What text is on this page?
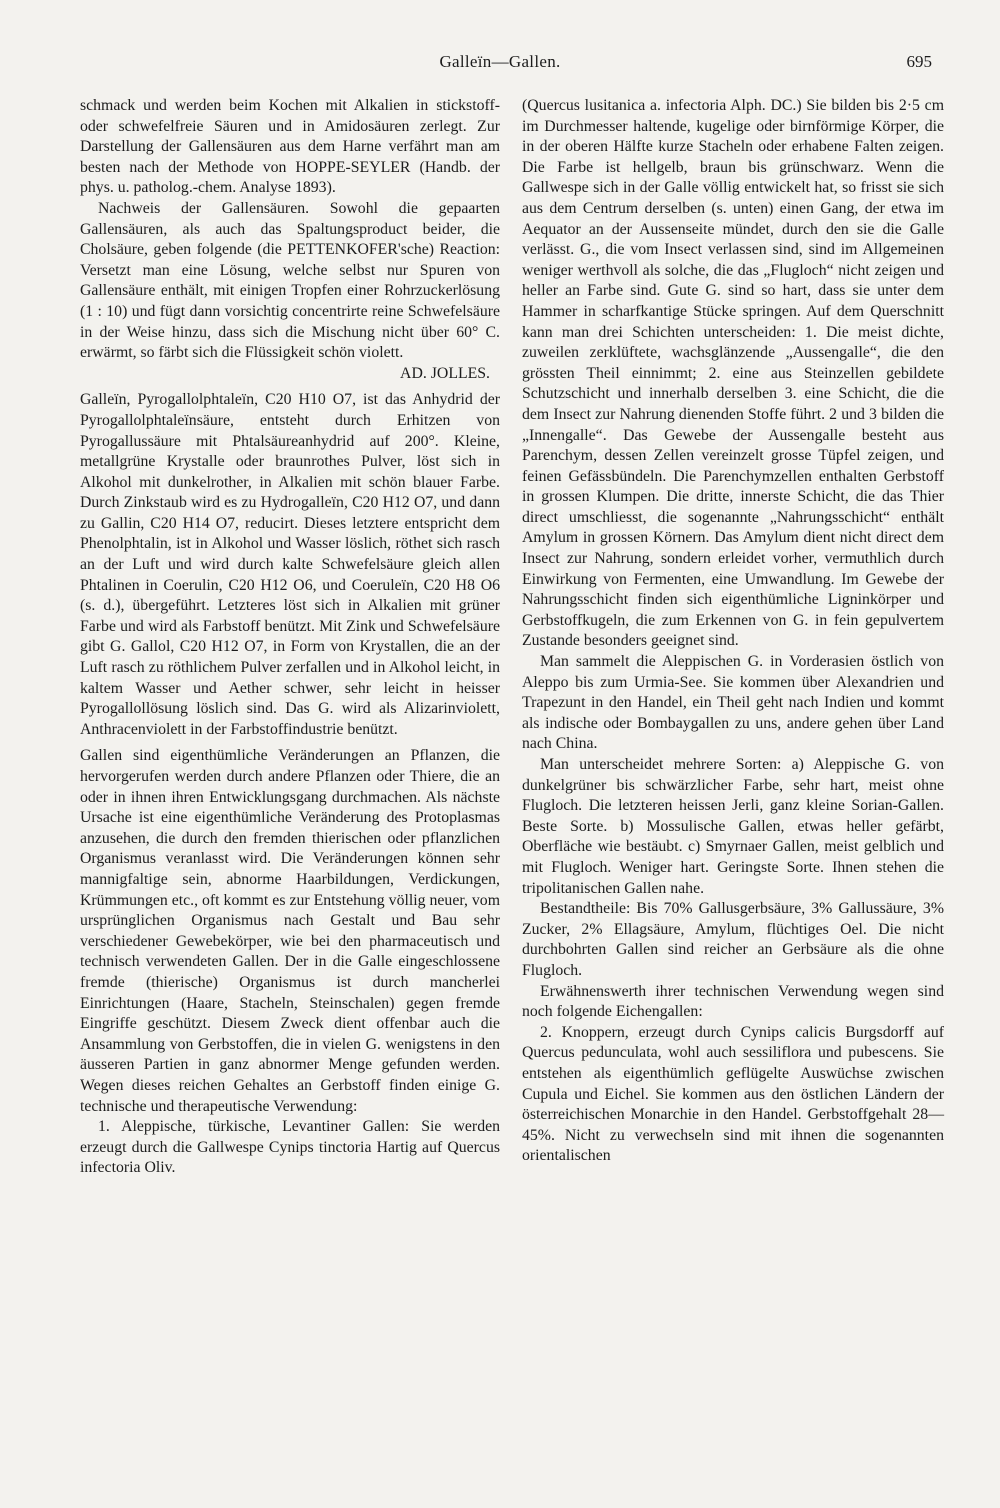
Galleïn—Gallen.	695

schmack und werden beim Kochen mit Alkalien in stickstoff- oder schwefelfreie Säuren und in Amidosäuren zerlegt. Zur Darstellung der Gallensäuren aus dem Harne verfährt man am besten nach der Methode von HOPPE-SEYLER (Handb. der phys. u. patholog.-chem. Analyse 1893).

Nachweis der Gallensäuren. Sowohl die gepaarten Gallensäuren, als auch das Spaltungsproduct beider, die Cholsäure, geben folgende (die PETTENKOFER'sche) Reaction: Versetzt man eine Lösung, welche selbst nur Spuren von Gallensäure enthält, mit einigen Tropfen einer Rohrzuckerlösung (1 : 10) und fügt dann vorsichtig concentrirte reine Schwefelsäure in der Weise hinzu, dass sich die Mischung nicht über 60° C. erwärmt, so färbt sich die Flüssigkeit schön violett.

AD. JOLLES.

Galleïn, Pyrogallolphtaleïn, C20 H10 O7, ist das Anhydrid der Pyrogallolphtaleïnsäure, entsteht durch Erhitzen von Pyrogallussäure mit Phtalsäureanhydrid auf 200°. Kleine, metallgrüne Krystalle oder braunrothes Pulver, löst sich in Alkohol mit dunkelrother, in Alkalien mit schön blauer Farbe. Durch Zinkstaub wird es zu Hydrogalleïn, C20 H12 O7, und dann zu Gallin, C20 H14 O7, reducirt. Dieses letztere entspricht dem Phenolphtalin, ist in Alkohol und Wasser löslich, röthet sich rasch an der Luft und wird durch kalte Schwefelsäure gleich allen Phtalinen in Coerulin, C20 H12 O6, und Coeruleïn, C20 H8 O6 (s. d.), übergeführt. Letzteres löst sich in Alkalien mit grüner Farbe und wird als Farbstoff benützt. Mit Zink und Schwefelsäure gibt G. Gallol, C20 H12 O7, in Form von Krystallen, die an der Luft rasch zu röthlichem Pulver zerfallen und in Alkohol leicht, in kaltem Wasser und Aether schwer, sehr leicht in heisser Pyrogallollösung löslich sind. Das G. wird als Alizarinviolett, Anthracenviolett in der Farbstoffindustrie benützt.

Gallen sind eigenthümliche Veränderungen an Pflanzen, die hervorgerufen werden durch andere Pflanzen oder Thiere, die an oder in ihnen ihren Entwicklungsgang durchmachen. Als nächste Ursache ist eine eigenthümliche Veränderung des Protoplasmas anzusehen, die durch den fremden thierischen oder pflanzlichen Organismus veranlasst wird. Die Veränderungen können sehr mannigfaltige sein, abnorme Haarbildungen, Verdickungen, Krümmungen etc., oft kommt es zur Entstehung völlig neuer, vom ursprünglichen Organismus nach Gestalt und Bau sehr verschiedener Gewebekörper, wie bei den pharmaceutisch und technisch verwendeten Gallen. Der in die Galle eingeschlossene fremde (thierische) Organismus ist durch mancherlei Einrichtungen (Haare, Stacheln, Steinschalen) gegen fremde Eingriffe geschützt. Diesem Zweck dient offenbar auch die Ansammlung von Gerbstoffen, die in vielen G. wenigstens in den äusseren Partien in ganz abnormer Menge gefunden werden. Wegen dieses reichen Gehaltes an Gerbstoff finden einige G. technische und therapeutische Verwendung:

1. Aleppische, türkische, Levantiner Gallen: Sie werden erzeugt durch die Gallwespe Cynips tinctoria Hartig auf Quercus infectoria Oliv.

(Quercus lusitanica a. infectoria Alph. DC.) Sie bilden bis 2·5 cm im Durchmesser haltende, kugelige oder birnförmige Körper, die in der oberen Hälfte kurze Stacheln oder erhabene Falten zeigen. Die Farbe ist hellgelb, braun bis grünschwarz. Wenn die Gallwespe sich in der Galle völlig entwickelt hat, so frisst sie sich aus dem Centrum derselben (s. unten) einen Gang, der etwa im Aequator an der Aussenseite mündet, durch den sie die Galle verlässt. G., die vom Insect verlassen sind, sind im Allgemeinen weniger werthvoll als solche, die das „Flugloch“ nicht zeigen und heller an Farbe sind. Gute G. sind so hart, dass sie unter dem Hammer in scharfkantige Stücke springen. Auf dem Querschnitt kann man drei Schichten unterscheiden: 1. Die meist dichte, zuweilen zerklüftete, wachsglänzende „Aussengalle“, die den grössten Theil einnimmt; 2. eine aus Steinzellen gebildete Schutzschicht und innerhalb derselben 3. eine Schicht, die die dem Insect zur Nahrung dienenden Stoffe führt. 2 und 3 bilden die „Innengalle“. Das Gewebe der Aussengalle besteht aus Parenchym, dessen Zellen vereinzelt grosse Tüpfel zeigen, und feinen Gefässbündeln. Die Parenchymzellen enthalten Gerbstoff in grossen Klumpen. Die dritte, innerste Schicht, die das Thier direct umschliesst, die sogenannte „Nahrungsschicht“ enthält Amylum in grossen Körnern. Das Amylum dient nicht direct dem Insect zur Nahrung, sondern erleidet vorher, vermuthlich durch Einwirkung von Fermenten, eine Umwandlung. Im Gewebe der Nahrungsschicht finden sich eigenthümliche Ligninkörper und Gerbstoffkugeln, die zum Erkennen von G. in fein gepulvertem Zustande besonders geeignet sind.

Man sammelt die Aleppischen G. in Vorderasien östlich von Aleppo bis zum Urmia-See. Sie kommen über Alexandrien und Trapezunt in den Handel, ein Theil geht nach Indien und kommt als indische oder Bombaygallen zu uns, andere gehen über Land nach China.

Man unterscheidet mehrere Sorten: a) Aleppische G. von dunkelgrüner bis schwärzlicher Farbe, sehr hart, meist ohne Flugloch. Die letzteren heissen Jerli, ganz kleine Sorian-Gallen. Beste Sorte. b) Mossulische Gallen, etwas heller gefärbt, Oberfläche wie bestäubt. c) Smyrnaer Gallen, meist gelblich und mit Flugloch. Weniger hart. Geringste Sorte. Ihnen stehen die tripolitanischen Gallen nahe.

Bestandtheile: Bis 70% Gallusgerbsäure, 3% Gallussäure, 3% Zucker, 2% Ellagsäure, Amylum, flüchtiges Oel. Die nicht durchbohrten Gallen sind reicher an Gerbsäure als die ohne Flugloch.

Erwähnenswerth ihrer technischen Verwendung wegen sind noch folgende Eichengallen:

2. Knoppern, erzeugt durch Cynips calicis Burgsdorff auf Quercus pedunculata, wohl auch sessiliflora und pubescens. Sie entstehen als eigenthümlich geflügelte Auswüchse zwischen Cupula und Eichel. Sie kommen aus den östlichen Ländern der österreichischen Monarchie in den Handel. Gerbstoffgehalt 28—45%. Nicht zu verwechseln sind mit ihnen die sogenannten orientalischen
